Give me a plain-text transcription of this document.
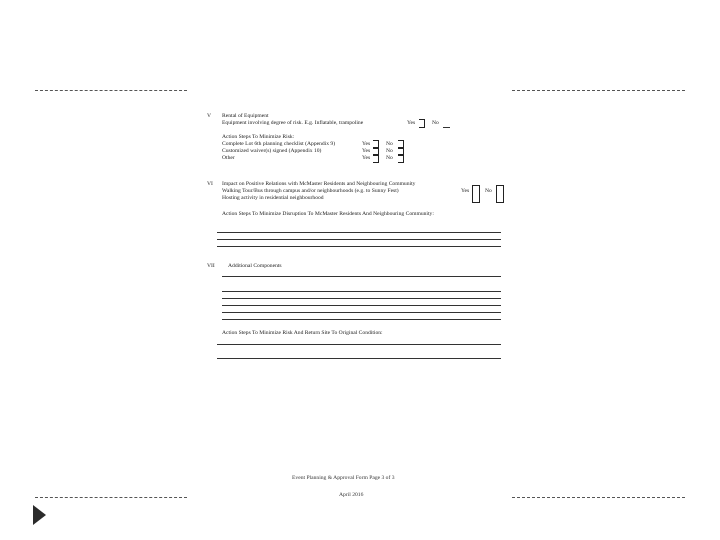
V Rental of Equipment
Equipment involving degree of risk. E.g. Inflatable, trampoline	Yes	No
Action Steps To Minimize Risk:
Complete Lot 6th planning checklist (Appendix 9)	Yes	No
Customized waiver(s) signed (Appendix 10)	Yes	No
Other	Yes	No
VI Impact on Positive Relations with McMaster Residents and Neighbouring Community
Walking Tour/Bus through campus and/or neighbourhoods (e.g. to Sunny Fest)
Hosting activity in residential neighbourhood
Yes	No
Action Steps To Minimize Disruption To McMaster Residents And Neighbouring Community:
VII Additional Components
Action Steps To Minimize Risk And Return Site To Original Condition:
Event Planning & Approval Form Page 3 of 3
April 2016
